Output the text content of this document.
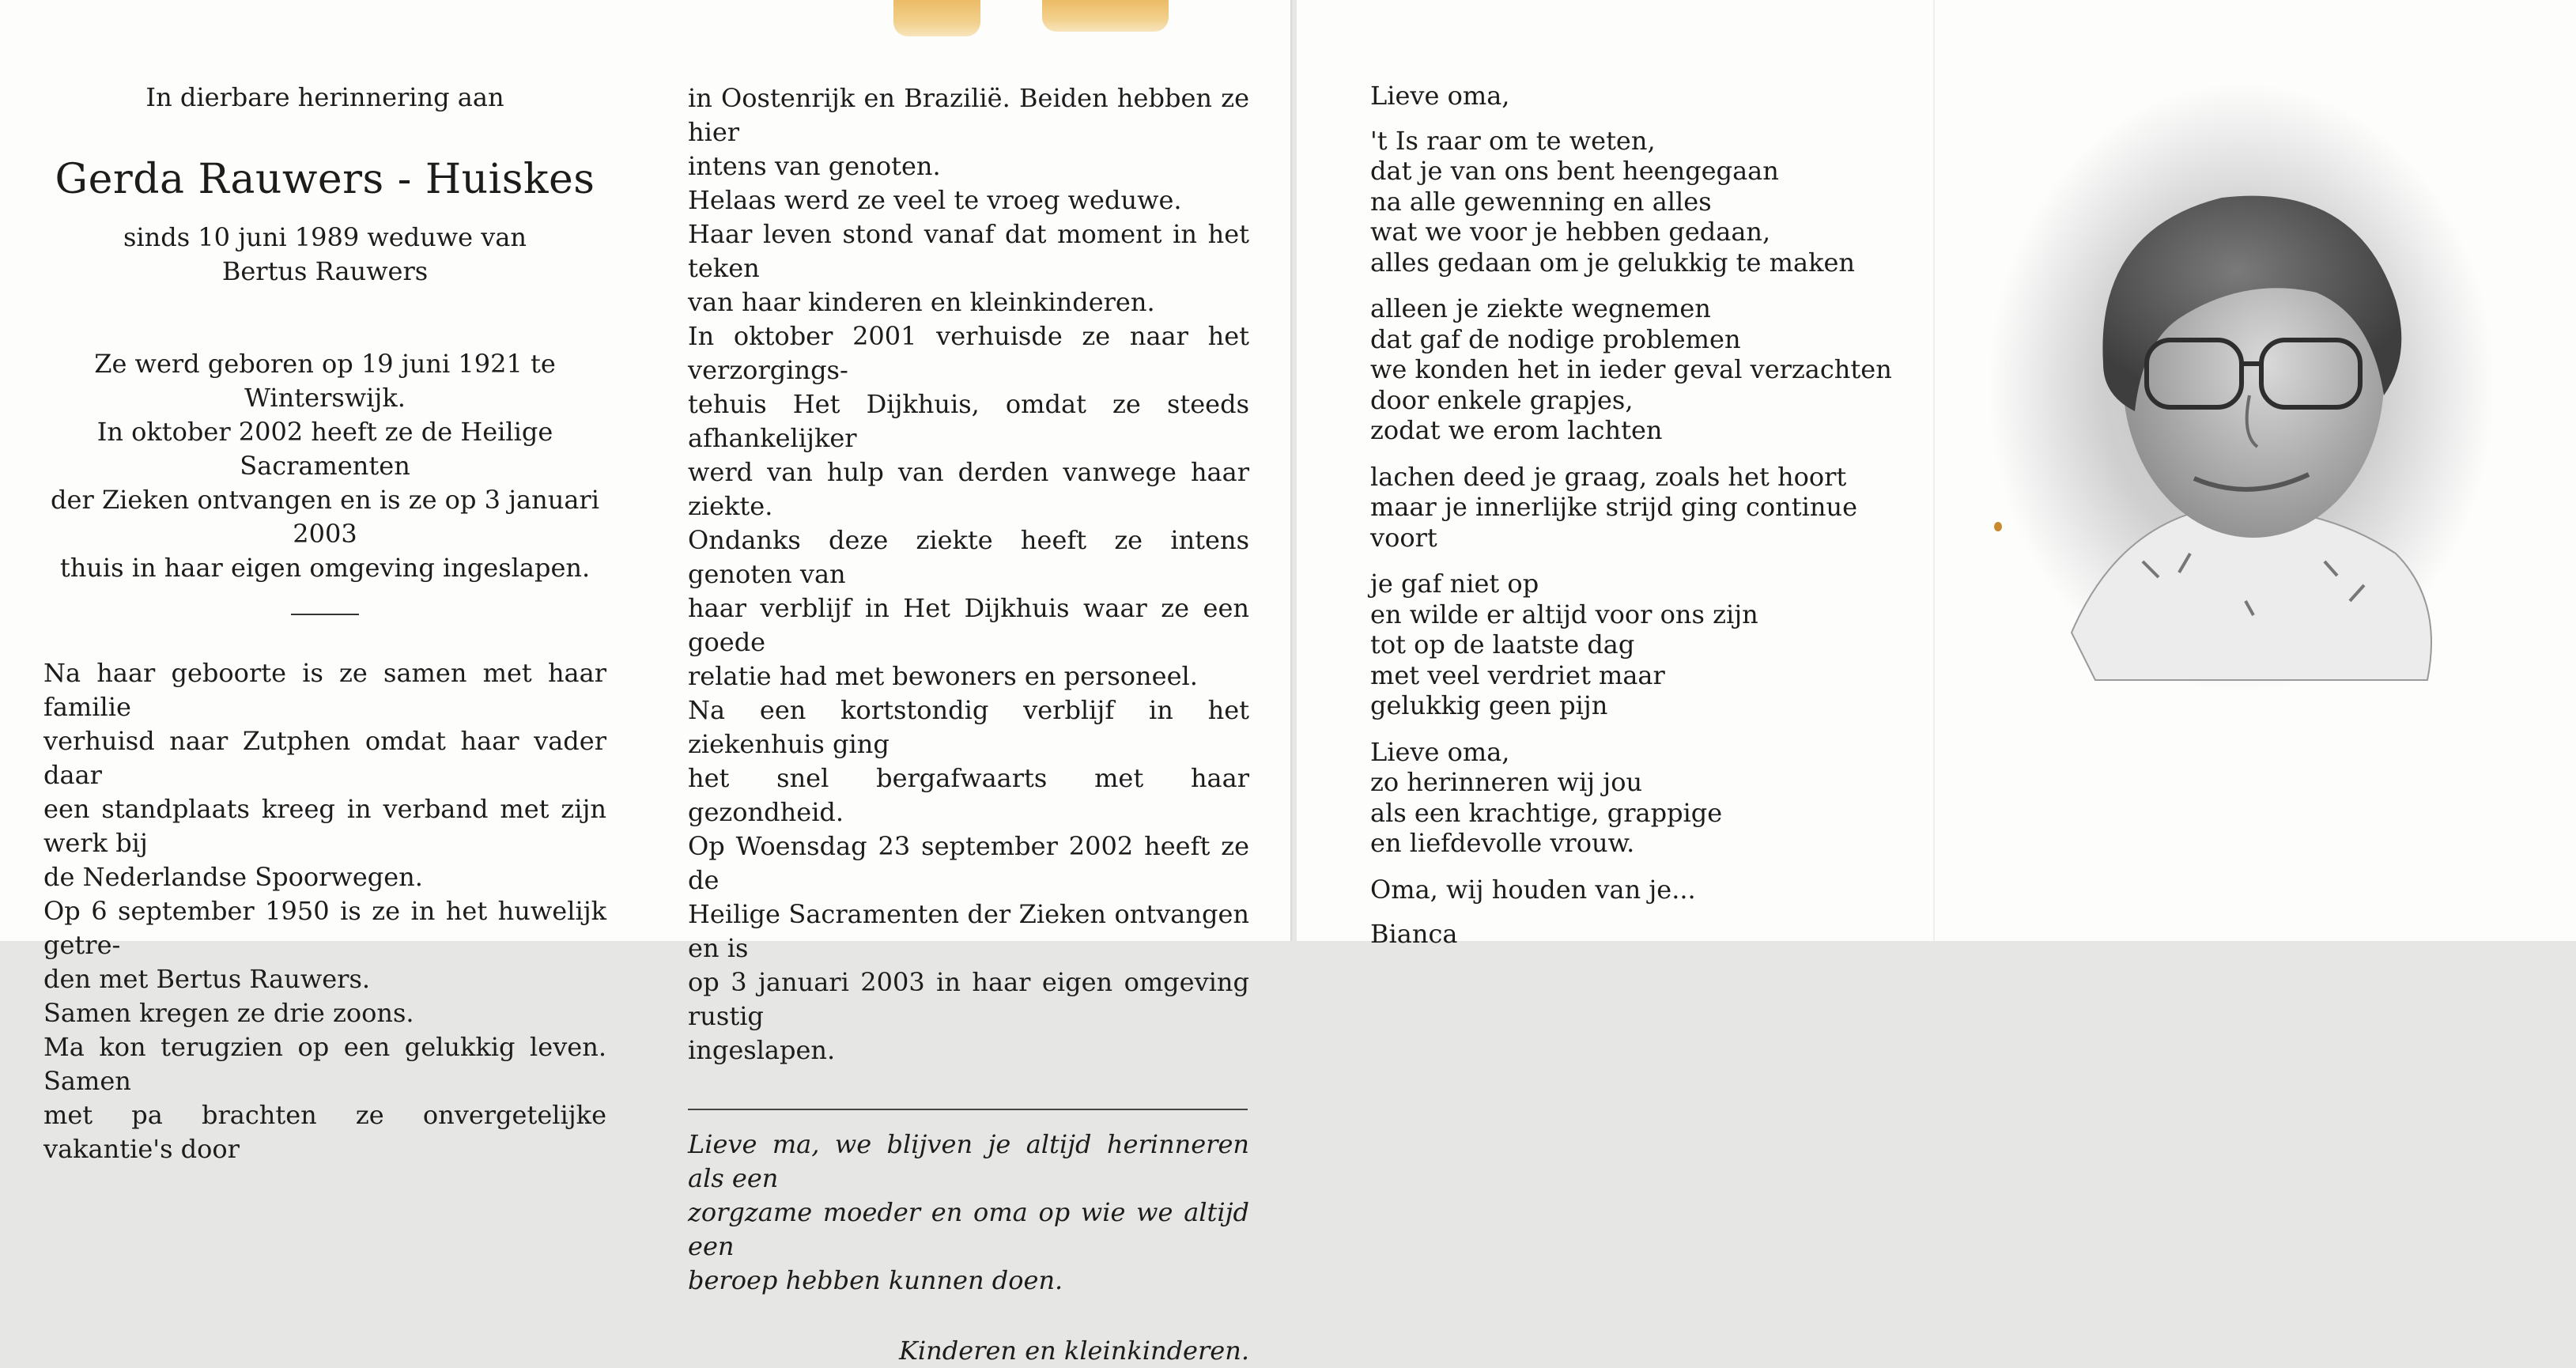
In dierbare herinnering aan

Gerda Rauwers - Huiskes

sinds 10 juni 1989 weduwe van

Bertus Rauwers

Ze werd geboren op 19 juni 1921 te Winterswijk.

In oktober 2002 heeft ze de Heilige Sacramenten

der Zieken ontvangen en is ze op 3 januari 2003

thuis in haar eigen omgeving ingeslapen.

Na haar geboorte is ze samen met haar familie

verhuisd naar Zutphen omdat haar vader daar

een standplaats kreeg in verband met zijn werk bij

de Nederlandse Spoorwegen.

Op 6 september 1950 is ze in het huwelijk getre-

den met Bertus Rauwers.

Samen kregen ze drie zoons.

Ma kon terugzien op een gelukkig leven. Samen

met pa brachten ze onvergetelijke vakantie's door

in Oostenrijk en Brazilië. Beiden hebben ze hier

intens van genoten.

Helaas werd ze veel te vroeg weduwe.

Haar leven stond vanaf dat moment in het teken

van haar kinderen en kleinkinderen.

In oktober 2001 verhuisde ze naar het verzorgings-

tehuis Het Dijkhuis, omdat ze steeds afhankelijker

werd van hulp van derden vanwege haar ziekte.

Ondanks deze ziekte heeft ze intens genoten van

haar verblijf in Het Dijkhuis waar ze een goede

relatie had met bewoners en personeel.

Na een kortstondig verblijf in het ziekenhuis ging

het snel bergafwaarts met haar gezondheid.

Op Woensdag 23 september 2002 heeft ze de

Heilige Sacramenten der Zieken ontvangen en is

op 3 januari 2003 in haar eigen omgeving rustig

ingeslapen.

Lieve ma, we blijven je altijd herinneren als een

zorgzame moeder en oma op wie we altijd een

beroep hebben kunnen doen.

Kinderen en kleinkinderen.

Lieve oma,

't Is raar om te weten,

dat je van ons bent heengegaan

na alle gewenning en alles

wat we voor je hebben gedaan,

alles gedaan om je gelukkig te maken

alleen je ziekte wegnemen

dat gaf de nodige problemen

we konden het in ieder geval verzachten

door enkele grapjes,

zodat we erom lachten

lachen deed je graag, zoals het hoort

maar je innerlijke strijd ging continue voort

je gaf niet op

en wilde er altijd voor ons zijn

tot op de laatste dag

met veel verdriet maar

gelukkig geen pijn

Lieve oma,

zo herinneren wij jou

als een krachtige, grappige

en liefdevolle vrouw.

Oma, wij houden van je...

Bianca
